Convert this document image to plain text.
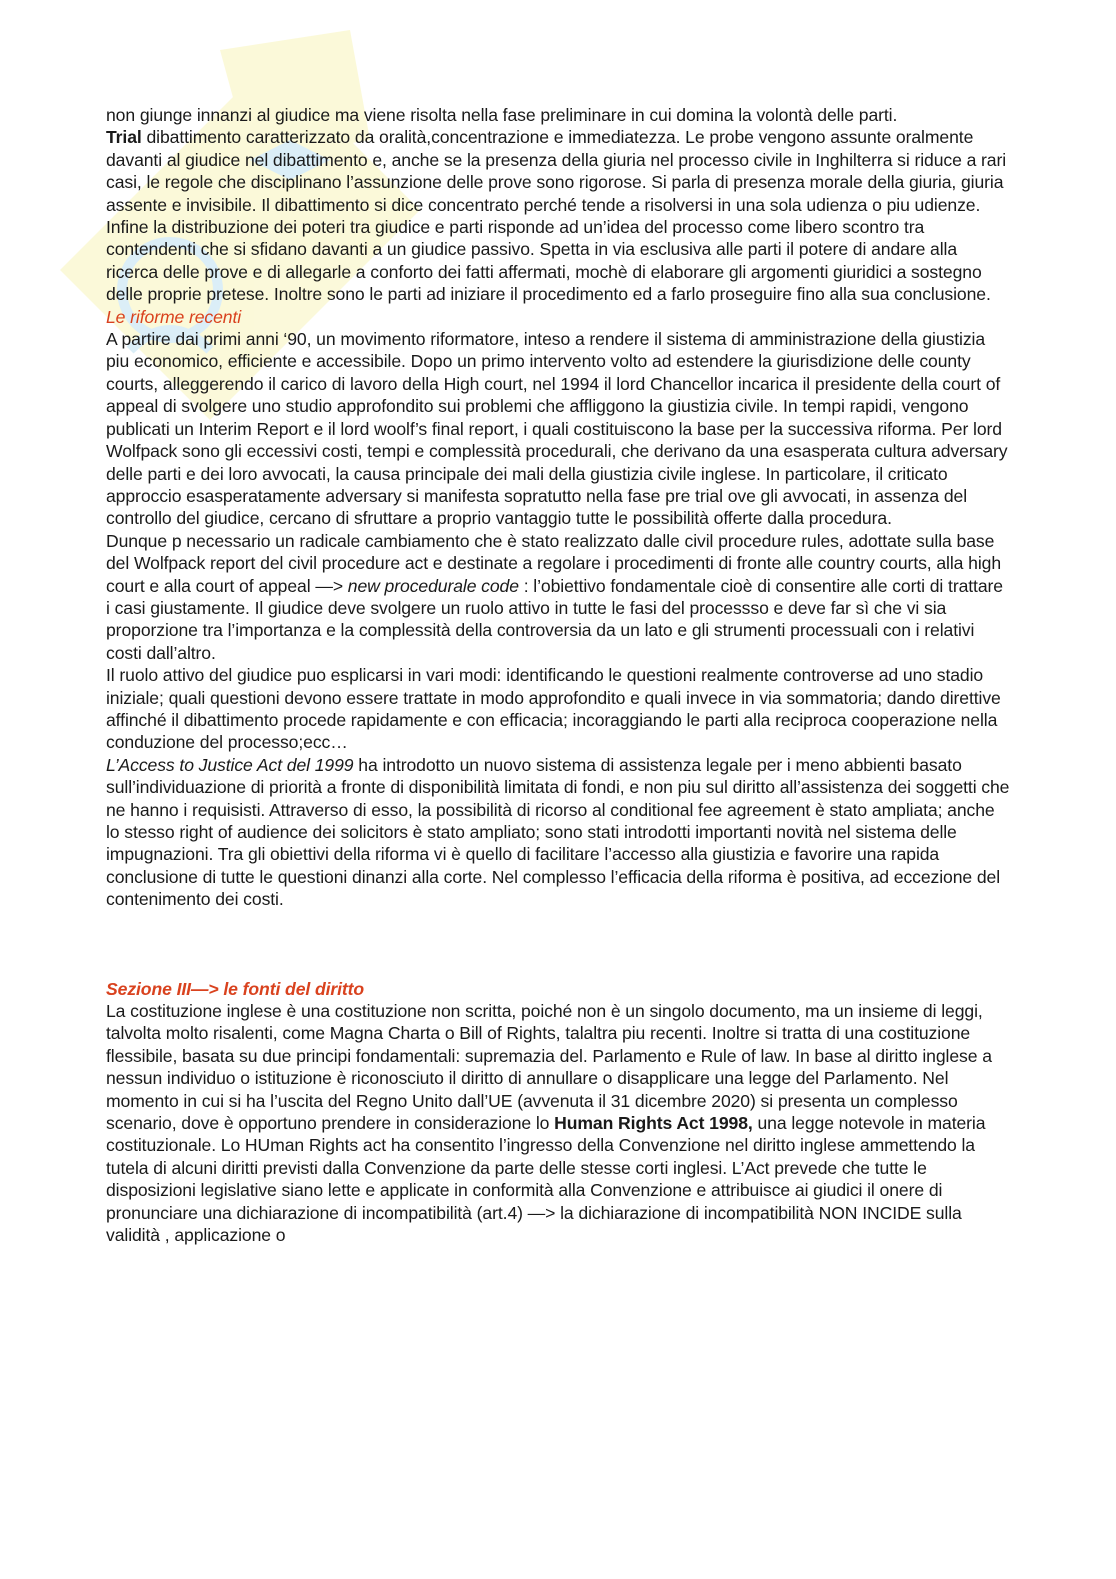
non giunge innanzi al giudice ma viene risolta nella fase preliminare in cui domina la volontà delle parti.

Trial dibattimento caratterizzato da oralità,concentrazione e immediatezza. Le probe vengono assunte oralmente davanti al giudice nel dibattimento e, anche se la presenza della giuria nel processo civile in Inghilterra si riduce a rari casi, le regole che disciplinano l’assunzione delle prove sono rigorose. Si parla di presenza morale della giuria, giuria assente e invisibile. Il dibattimento si dice concentrato perché tende a risolversi in una sola udienza o piu udienze. Infine la distribuzione dei poteri tra giudice e parti risponde ad un’idea del processo come libero scontro tra contendenti che si sfidano davanti a un giudice passivo. Spetta in via esclusiva alle parti il potere di andare alla ricerca delle prove e di allegarle a conforto dei fatti affermati, mochè di elaborare gli argomenti giuridici a sostegno delle proprie pretese. Inoltre sono le parti ad iniziare il procedimento ed a farlo proseguire fino alla sua conclusione.

Le riforme recenti

A partire dai primi anni ‘90, un movimento riformatore, inteso a rendere il sistema di amministrazione della giustizia piu economico, efficiente e accessibile. Dopo un primo intervento volto ad estendere la giurisdizione delle county courts, alleggerendo il carico di lavoro della High court, nel 1994 il lord Chancellor incarica il presidente della court of appeal di svolgere uno studio approfondito sui problemi che affliggono la giustizia civile. In tempi rapidi, vengono publicati un Interim Report e il lord woolf’s final report, i quali costituiscono la base per la successiva riforma. Per lord Wolfpack sono gli eccessivi costi, tempi e complessità procedurali, che derivano da una esasperata cultura adversary delle parti e dei loro avvocati, la causa principale dei mali della giustizia civile inglese. In particolare, il criticato approccio esasperatamente adversary si manifesta sopratutto nella fase pre trial ove gli avvocati, in assenza del controllo del giudice, cercano di sfruttare a proprio vantaggio tutte le possibilità offerte dalla procedura.

Dunque p necessario un radicale cambiamento che è stato realizzato dalle civil procedure rules, adottate sulla base del Wolfpack report del civil procedure act e destinate a regolare i procedimenti di fronte alle country courts, alla high court e alla court of appeal —> new procedurale code : l’obiettivo fondamentale cioè di consentire alle corti di trattare i casi giustamente. Il giudice deve svolgere un ruolo attivo in tutte le fasi del processso e deve far sì che vi sia proporzione tra l’importanza e la complessità della controversia da un lato e gli strumenti processuali con i relativi costi dall’altro.

Il ruolo attivo del giudice puo esplicarsi in vari modi: identificando le questioni realmente controverse ad uno stadio iniziale; quali questioni devono essere trattate in modo approfondito e quali invece in via sommatoria; dando direttive affinché il dibattimento procede rapidamente e con efficacia; incoraggiando le parti alla reciproca cooperazione nella conduzione del processo;ecc…

L’Access to Justice Act del 1999 ha introdotto un nuovo sistema di assistenza legale per i meno abbienti basato sull’individuazione di priorità a fronte di disponibilità limitata di fondi, e non piu sul diritto all’assistenza dei soggetti che ne hanno i requisisti. Attraverso di esso, la possibilità di ricorso al conditional fee agreement è stato ampliata; anche lo stesso right of audience dei solicitors è stato ampliato; sono stati introdotti importanti novità nel sistema delle impugnazioni. Tra gli obiettivi della riforma vi è quello di facilitare l’accesso alla giustizia e favorire una rapida conclusione di tutte le questioni dinanzi alla corte. Nel complesso l’efficacia della riforma è positiva, ad eccezione del contenimento dei costi.

Sezione III—> le fonti del diritto

La costituzione inglese è una costituzione non scritta, poiché non è un singolo documento, ma un insieme di leggi, talvolta molto risalenti, come Magna Charta o Bill of Rights, talaltra piu recenti. Inoltre si tratta di una costituzione flessibile, basata su due principi fondamentali: supremazia del. Parlamento e Rule of law. In base al diritto inglese a nessun individuo o istituzione è riconosciuto il diritto di annullare o disapplicare una legge del Parlamento. Nel momento in cui si ha l’uscita del Regno Unito dall’UE (avvenuta il 31 dicembre 2020) si presenta un complesso scenario, dove è opportuno prendere in considerazione lo Human Rights Act 1998, una legge notevole in materia costituzionale. Lo HUman Rights act ha consentito l’ingresso della Convenzione nel diritto inglese ammettendo la tutela di alcuni diritti previsti dalla Convenzione da parte delle stesse corti inglesi. L’Act prevede che tutte le disposizioni legislative siano lette e applicate in conformità alla Convenzione e attribuisce ai giudici il onere di pronunciare una dichiarazione di incompatibilità (art.4) —> la dichiarazione di incompatibilità NON INCIDE sulla validità , applicazione o
